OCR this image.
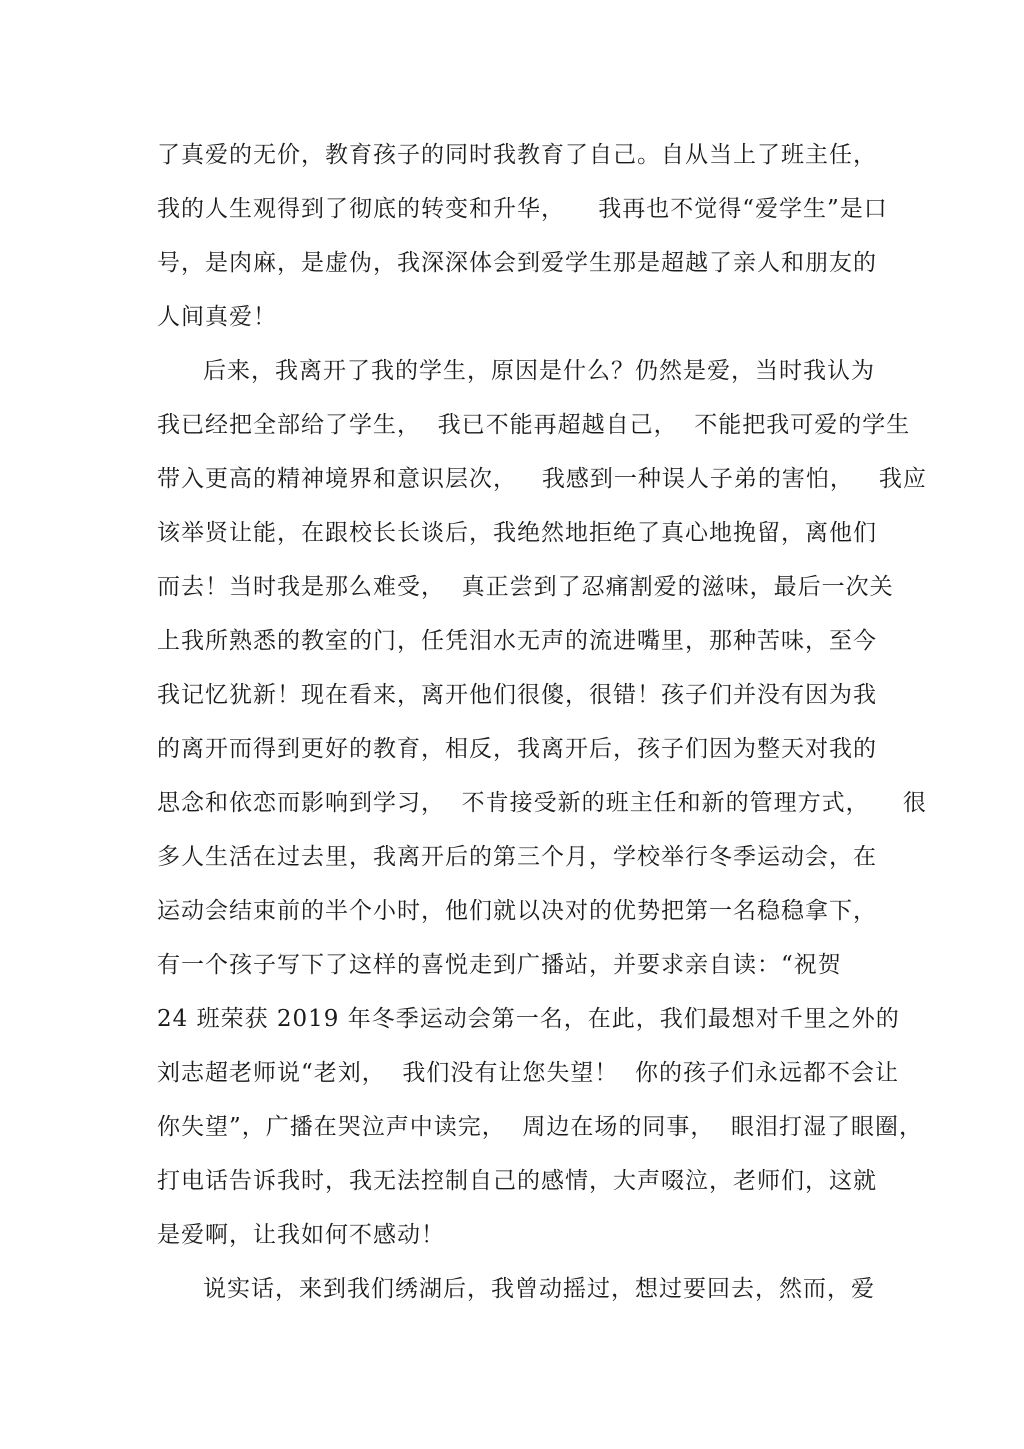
了真爱的无价，教育孩子的同时我教育了自己。自从当上了班主任，
我的人生观得到了彻底的转变和升华，    我再也不觉得“爱学生”是口
号，是肉麻，是虚伪，我深深体会到爱学生那是超越了亲人和朋友的
人间真爱！
后来，我离开了我的学生，原因是什么？仍然是爱，当时我认为
我已经把全部给了学生，  我已不能再超越自己，  不能把我可爱的学生
带入更高的精神境界和意识层次，   我感到一种误人子弟的害怕，   我应
该举贤让能，在跟校长长谈后，我绝然地拒绝了真心地挽留，离他们
而去！当时我是那么难受，  真正尝到了忍痛割爱的滋味，最后一次关
上我所熟悉的教室的门，任凭泪水无声的流进嘴里，那种苦味，至今
我记忆犹新！现在看来，离开他们很傻，很错！孩子们并没有因为我
的离开而得到更好的教育，相反，我离开后，孩子们因为整天对我的
思念和依恋而影响到学习，  不肯接受新的班主任和新的管理方式，    很
多人生活在过去里，我离开后的第三个月，学校举行冬季运动会，在
运动会结束前的半个小时，他们就以决对的优势把第一名稳稳拿下，
有一个孩子写下了这样的喜悦走到广播站，并要求亲自读：“祝贺
24 班荣获 2019 年冬季运动会第一名，在此，我们最想对千里之外的
刘志超老师说“老刘，  我们没有让您失望！  你的孩子们永远都不会让
你失望”，广播在哭泣声中读完，  周边在场的同事，  眼泪打湿了眼圈，
打电话告诉我时，我无法控制自己的感情，大声啜泣，老师们，这就
是爱啊，让我如何不感动！
说实话，来到我们绣湖后，我曾动摇过，想过要回去，然而，爱
